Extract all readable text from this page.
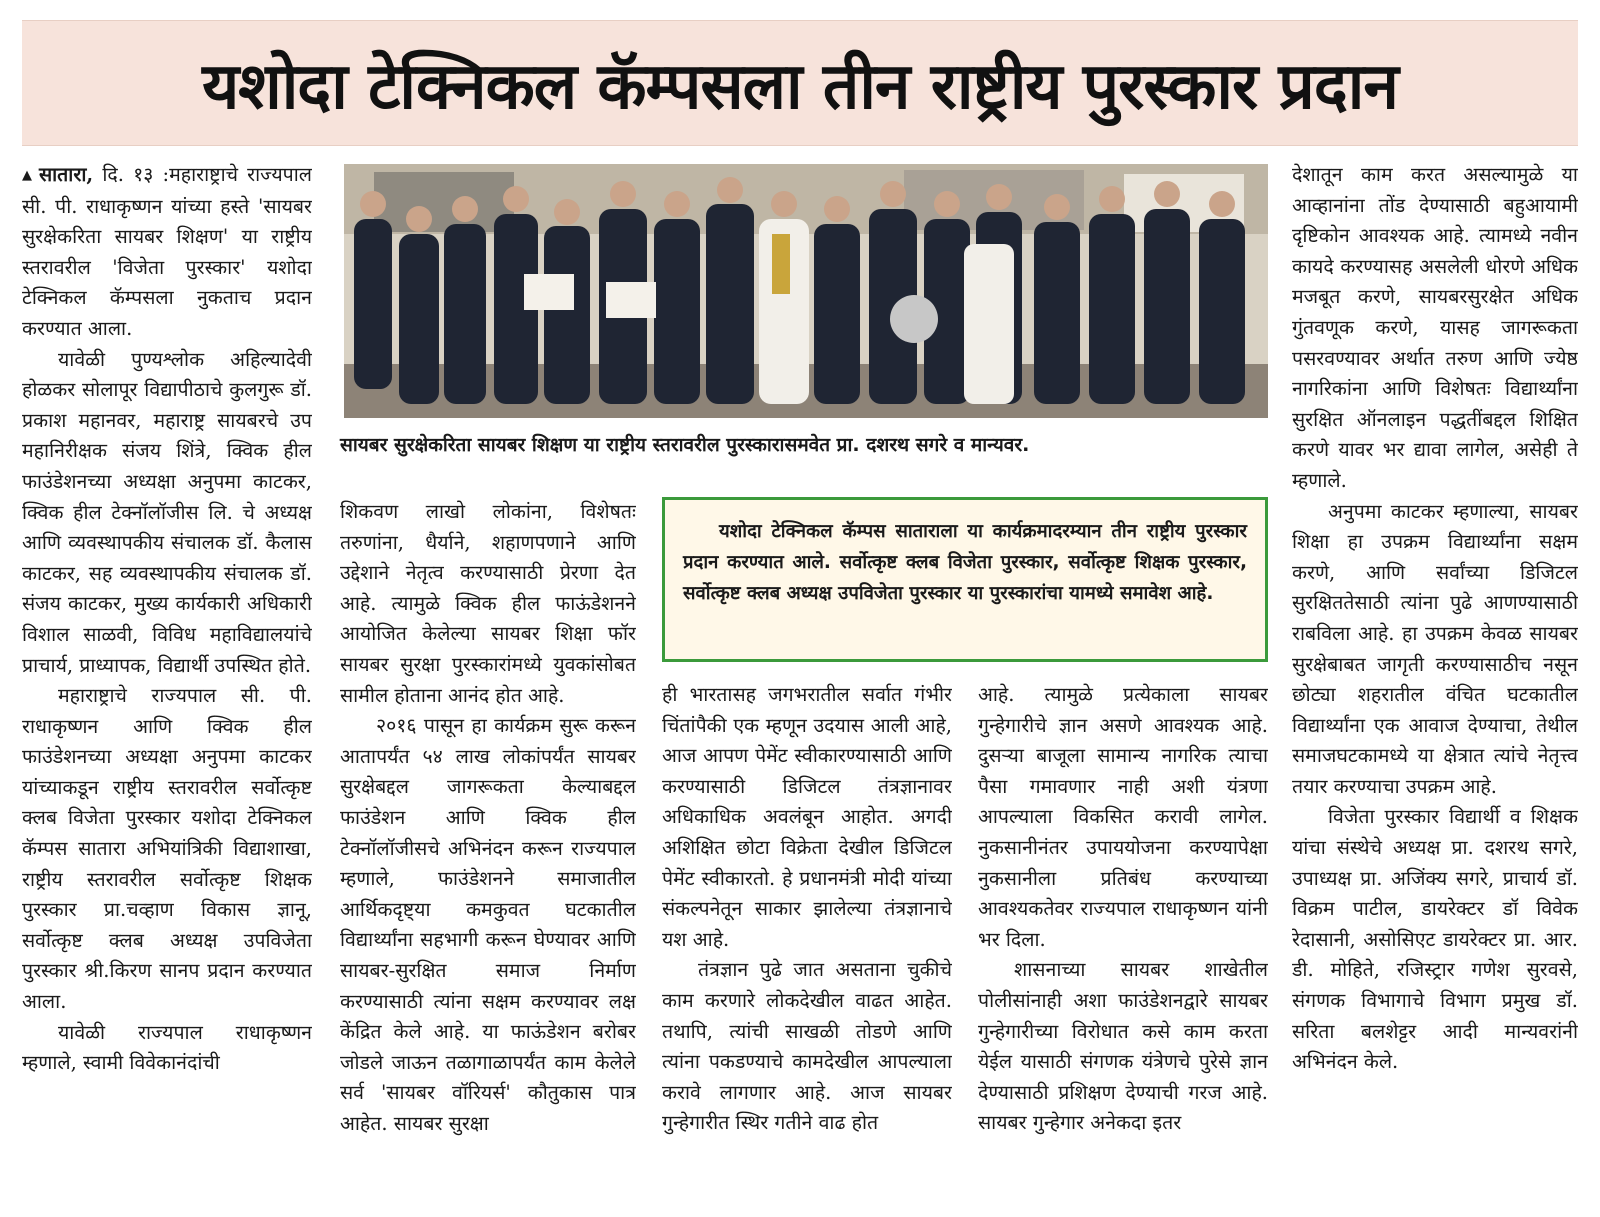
यशोदा टेक्निकल कॅम्पसला तीन राष्ट्रीय पुरस्कार प्रदान

▲ सातारा, दि. १३ :महाराष्ट्राचे राज्यपाल सी. पी. राधाकृष्णन यांच्या हस्ते 'सायबर सुरक्षेकरिता सायबर शिक्षण' या राष्ट्रीय स्तरावरील 'विजेता पुरस्कार' यशोदा टेक्निकल कॅम्पसला नुकताच प्रदान करण्यात आला.

यावेळी पुण्यश्लोक अहिल्यादेवी होळकर सोलापूर विद्यापीठाचे कुलगुरू डॉ. प्रकाश महानवर, महाराष्ट्र सायबरचे उप महानिरीक्षक संजय शिंत्रे, क्विक हील फाउंडेशनच्या अध्यक्षा अनुपमा काटकर, क्विक हील टेक्नॉलॉजीस लि. चे अध्यक्ष आणि व्यवस्थापकीय संचालक डॉ. कैलास काटकर, सह व्यवस्थापकीय संचालक डॉ. संजय काटकर, मुख्य कार्यकारी अधिकारी विशाल साळवी, विविध महाविद्यालयांचे प्राचार्य, प्राध्यापक, विद्यार्थी उपस्थित होते.

महाराष्ट्राचे राज्यपाल सी. पी. राधाकृष्णन आणि क्विक हील फाउंडेशनच्या अध्यक्षा अनुपमा काटकर यांच्याकडून राष्ट्रीय स्तरावरील सर्वोत्कृष्ट क्लब विजेता पुरस्कार यशोदा टेक्निकल कॅम्पस सातारा अभियांत्रिकी विद्याशाखा, राष्ट्रीय स्तरावरील सर्वोत्कृष्ट शिक्षक पुरस्कार प्रा.चव्हाण विकास ज्ञानू, सर्वोत्कृष्ट क्लब अध्यक्ष उपविजेता पुरस्कार श्री.किरण सानप प्रदान करण्यात आला.

यावेळी राज्यपाल राधाकृष्णन म्हणाले, स्वामी विवेकानंदांची

सायबर सुरक्षेकरिता सायबर शिक्षण या राष्ट्रीय स्तरावरील पुरस्कारासमवेत प्रा. दशरथ सगरे व मान्यवर.

शिकवण लाखो लोकांना, विशेषतः तरुणांना, धैर्याने, शहाणपणाने आणि उद्देशाने नेतृत्व करण्यासाठी प्रेरणा देत आहे. त्यामुळे क्विक हील फाऊंडेशनने आयोजित केलेल्या सायबर शिक्षा फॉर सायबर सुरक्षा पुरस्कारांमध्ये युवकांसोबत सामील होताना आनंद होत आहे.

२०१६ पासून हा कार्यक्रम सुरू करून आतापर्यंत ५४ लाख लोकांपर्यंत सायबर सुरक्षेबद्दल जागरूकता केल्याबद्दल फाउंडेशन आणि क्विक हील टेक्नॉलॉजीसचे अभिनंदन करून राज्यपाल म्हणाले, फाउंडेशनने समाजातील आर्थिकदृष्ट्या कमकुवत घटकातील विद्यार्थ्यांना सहभागी करून घेण्यावर आणि सायबर-सुरक्षित समाज निर्माण करण्यासाठी त्यांना सक्षम करण्यावर लक्ष केंद्रित केले आहे. या फाऊंडेशन बरोबर जोडले जाऊन तळागाळापर्यंत काम केलेले सर्व 'सायबर वॉरियर्स' कौतुकास पात्र आहेत. सायबर सुरक्षा

यशोदा टेक्निकल कॅम्पस साताराला या कार्यक्रमादरम्यान तीन राष्ट्रीय पुरस्कार प्रदान करण्यात आले. सर्वोत्कृष्ट क्लब विजेता पुरस्कार, सर्वोत्कृष्ट शिक्षक पुरस्कार, सर्वोत्कृष्ट क्लब अध्यक्ष उपविजेता पुरस्कार या पुरस्कारांचा यामध्ये समावेश आहे.

ही भारतासह जगभरातील सर्वात गंभीर चिंतांपैकी एक म्हणून उदयास आली आहे, आज आपण पेमेंट स्वीकारण्यासाठी आणि करण्यासाठी डिजिटल तंत्रज्ञानावर अधिकाधिक अवलंबून आहोत. अगदी अशिक्षित छोटा विक्रेता देखील डिजिटल पेमेंट स्वीकारतो. हे प्रधानमंत्री मोदी यांच्या संकल्पनेतून साकार झालेल्या तंत्रज्ञानाचे यश आहे.

तंत्रज्ञान पुढे जात असताना चुकीचे काम करणारे लोकदेखील वाढत आहेत. तथापि, त्यांची साखळी तोडणे आणि त्यांना पकडण्याचे कामदेखील आपल्याला करावे लागणार आहे. आज सायबर गुन्हेगारीत स्थिर गतीने वाढ होत

आहे. त्यामुळे प्रत्येकाला सायबर गुन्हेगारीचे ज्ञान असणे आवश्यक आहे. दुसऱ्या बाजूला सामान्य नागरिक त्याचा पैसा गमावणार नाही अशी यंत्रणा आपल्याला विकसित करावी लागेल. नुकसानीनंतर उपाययोजना करण्यापेक्षा नुकसानीला प्रतिबंध करण्याच्या आवश्यकतेवर राज्यपाल राधाकृष्णन यांनी भर दिला.

शासनाच्या सायबर शाखेतील पोलीसांनाही अशा फाउंडेशनद्वारे सायबर गुन्हेगारीच्या विरोधात कसे काम करता येईल यासाठी संगणक यंत्रेणचे पुरेसे ज्ञान देण्यासाठी प्रशिक्षण देण्याची गरज आहे. सायबर गुन्हेगार अनेकदा इतर

देशातून काम करत असल्यामुळे या आव्हानांना तोंड देण्यासाठी बहुआयामी दृष्टिकोन आवश्यक आहे. त्यामध्ये नवीन कायदे करण्यासह असलेली धोरणे अधिक मजबूत करणे, सायबरसुरक्षेत अधिक गुंतवणूक करणे, यासह जागरूकता पसरवण्यावर अर्थात तरुण आणि ज्येष्ठ नागरिकांना आणि विशेषतः विद्यार्थ्यांना सुरक्षित ऑनलाइन पद्धतींबद्दल शिक्षित करणे यावर भर द्यावा लागेल, असेही ते म्हणाले.

अनुपमा काटकर म्हणाल्या, सायबर शिक्षा हा उपक्रम विद्यार्थ्यांना सक्षम करणे, आणि सर्वांच्या डिजिटल सुरक्षिततेसाठी त्यांना पुढे आणण्यासाठी राबविला आहे. हा उपक्रम केवळ सायबर सुरक्षेबाबत जागृती करण्यासाठीच नसून छोट्या शहरातील वंचित घटकातील विद्यार्थ्यांना एक आवाज देण्याचा, तेथील समाजघटकामध्ये या क्षेत्रात त्यांचे नेतृत्त्व तयार करण्याचा उपक्रम आहे.

विजेता पुरस्कार विद्यार्थी व शिक्षक यांचा संस्थेचे अध्यक्ष प्रा. दशरथ सगरे, उपाध्यक्ष प्रा. अजिंक्य सगरे, प्राचार्य डॉ. विक्रम पाटील, डायरेक्टर डॉ विवेक रेदासानी, असोसिएट डायरेक्टर प्रा. आर. डी. मोहिते, रजिस्ट्रार गणेश सुरवसे, संगणक विभागाचे विभाग प्रमुख डॉ. सरिता बलशेट्टर आदी मान्यवरांनी अभिनंदन केले.
